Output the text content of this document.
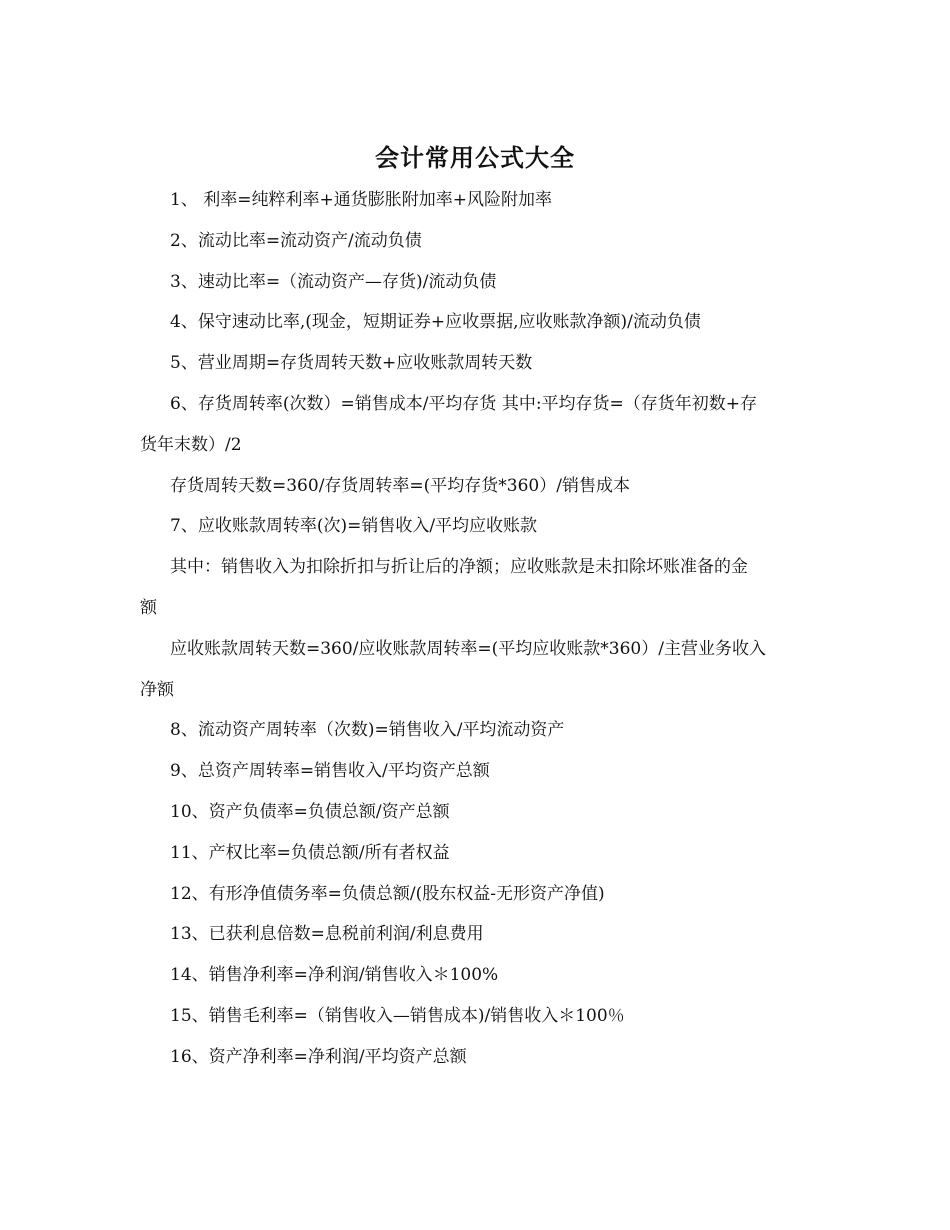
会计常用公式大全

1、 利率=纯粹利率+通货膨胀附加率+风险附加率

2、流动比率=流动资产/流动负债

3、速动比率=（流动资产—存货)/流动负债

4、保守速动比率,(现金，短期证券+应收票据,应收账款净额)/流动负债

5、营业周期=存货周转天数+应收账款周转天数

6、存货周转率(次数）=销售成本/平均存货 其中:平均存货=（存货年初数+存

货年末数）/2

存货周转天数=360/存货周转率=(平均存货*360）/销售成本

7、应收账款周转率(次)=销售收入/平均应收账款

其中：销售收入为扣除折扣与折让后的净额；应收账款是未扣除坏账准备的金

额

应收账款周转天数=360/应收账款周转率=(平均应收账款*360）/主营业务收入

净额

8、流动资产周转率（次数)=销售收入/平均流动资产

9、总资产周转率=销售收入/平均资产总额

10、资产负债率=负债总额/资产总额

11、产权比率=负债总额/所有者权益

12、有形净值债务率=负债总额/(股东权益-无形资产净值)

13、已获利息倍数=息税前利润/利息费用

14、销售净利率=净利润/销售收入＊100%

15、销售毛利率=（销售收入—销售成本)/销售收入＊100％

16、资产净利率=净利润/平均资产总额
